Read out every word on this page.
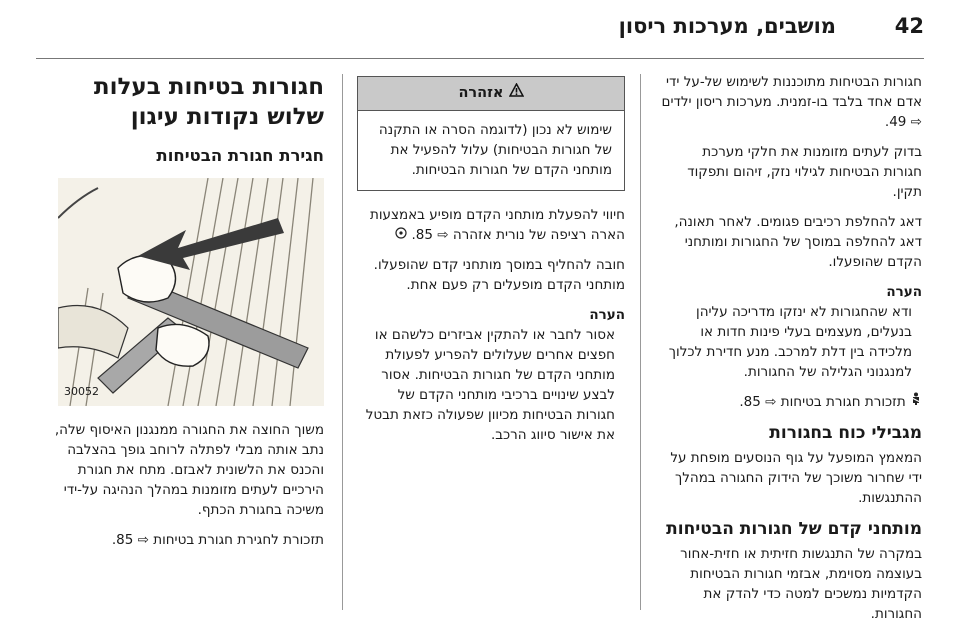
מושבים, מערכות ריסון	42

חגורות הבטיחות מתוכננות לשימוש של-על ידי אדם אחד בלבד בו-זמנית. מערכות ריסון ילדים ⇨ 49.

בדוק לעתים מזומנות את חלקי מערכת חגורות הבטיחות לגילוי נזק, זיהום ותפקוד תקין.

דאג להחלפת רכיבים פגומים. לאחר תאונה, דאג להחלפה במוסך של החגורות ומותחני הקדם שהופעלו.

הערה

ודא שהחגורות לא ינזקו מדריכה עליהן בנעלים, מעצמים בעלי פינות חדות או מלכידה בין דלת למרכב. מנע חדירת לכלוך למנגנוני הגלילה של החגורות.

תזכורת חגורת בטיחות ⇨ 85.

מגבילי כוח בחגורות

המאמץ המופעל על גוף הנוסעים מופחת על ידי שחרור משוכך של הידוק החגורה במהלך ההתנגשות.

מותחני קדם של חגורות הבטיחות

במקרה של התנגשות חזיתית או חזית-אחור בעוצמה מסוימת, אבזמי חגורות הבטיחות הקדמיות נמשכים למטה כדי להדק את החגורות.

אזהרה
שימוש לא נכון (לדוגמה הסרה או התקנה של חגורות הבטיחות) עלול להפעיל את מותחני הקדם של חגורות הבטיחות.

חיווי להפעלת מותחני הקדם מופיע באמצעות הארה רציפה של נורית אזהרה ⇨ 85.

חובה להחליף במוסך מותחני קדם שהופעלו. מותחני הקדם מופעלים רק פעם אחת.

הערה

אסור לחבר או להתקין אביזרים כלשהם או חפצים אחרים שעלולים להפריע לפעולת מותחני הקדם של חגורות הבטיחות. אסור לבצע שינויים ברכיבי מותחני הקדם של חגורות הבטיחות מכיוון שפעולה כזאת תבטל את אישור סיווג הרכב.

חגורות בטיחות בעלות שלוש נקודות עיגון
חגירת חגורת הבטיחות
30052

משוך החוצה את החגורה ממנגנון האיסוף שלה, נתב אותה מבלי לפתלה לרוחב גופך בהצלבה והכנס את הלשונית לאבזם. מתח את חגורת הירכיים לעתים מזומנות במהלך הנהיגה על-ידי משיכה בחגורת הכתף.

תזכורת לחגירת חגורת בטיחות ⇨ 85.
